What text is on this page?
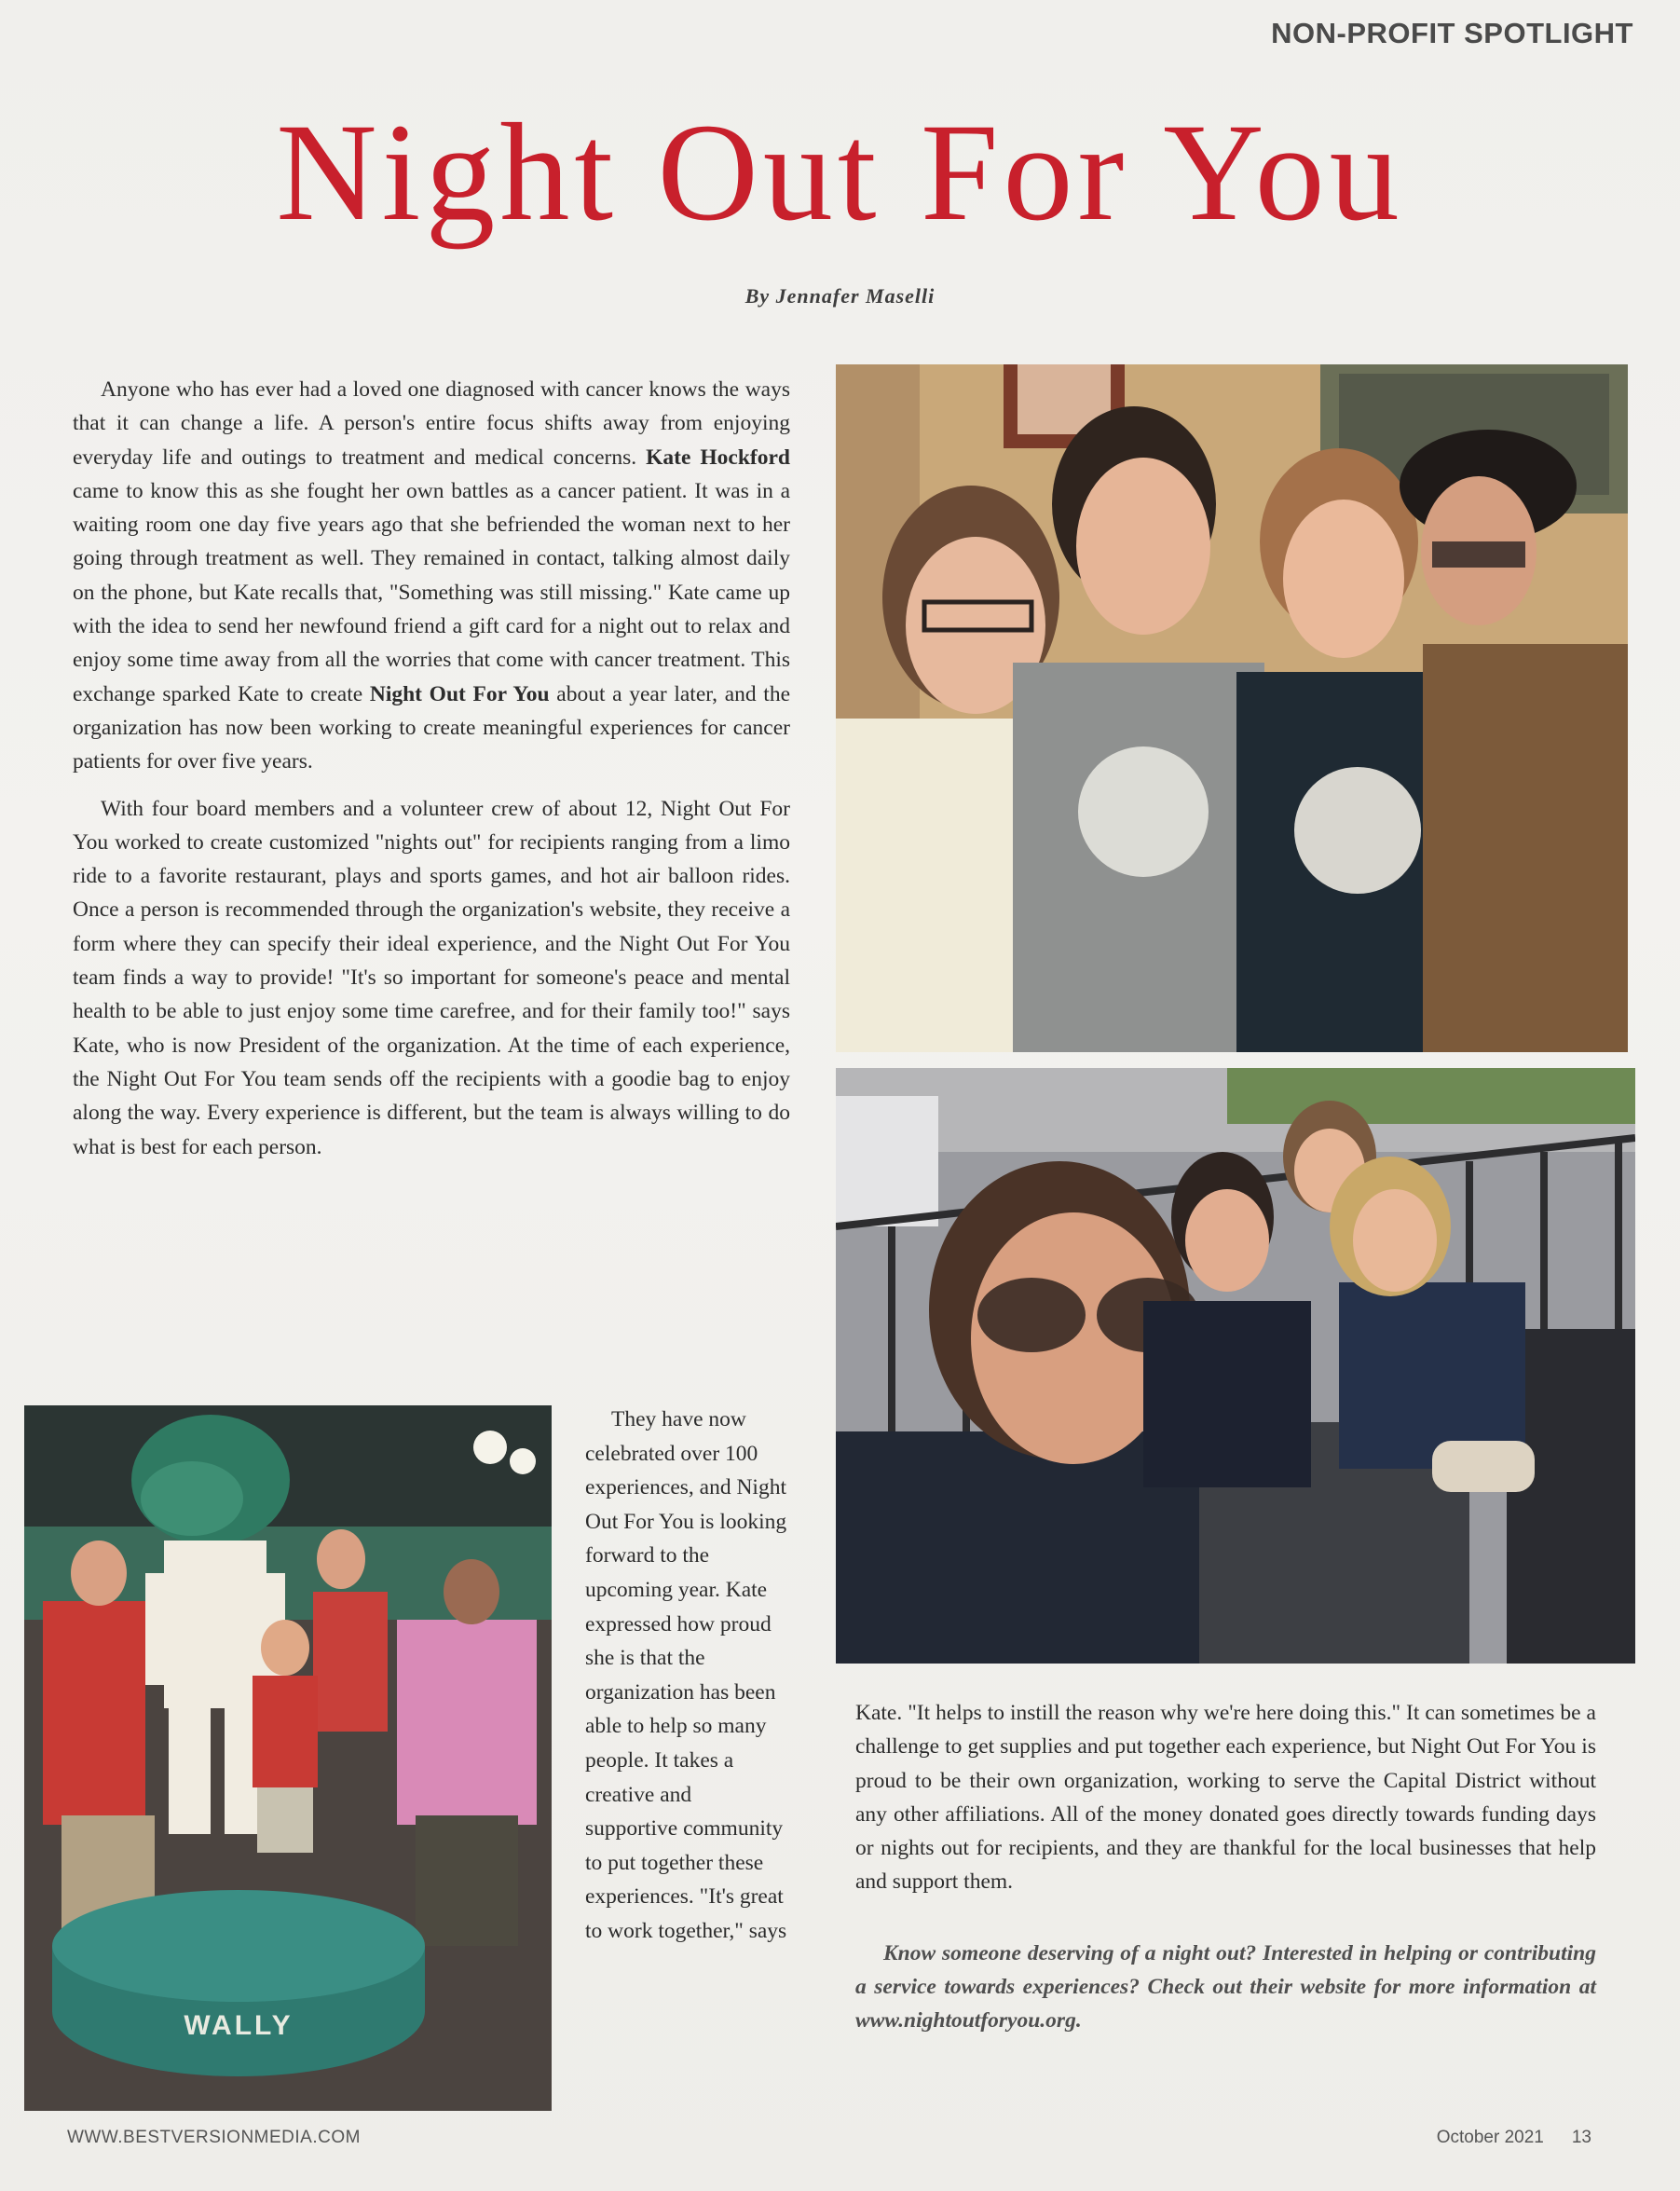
NON-PROFIT SPOTLIGHT
Night Out For You
By Jennafer Maselli

Anyone who has ever had a loved one diagnosed with cancer knows the ways that it can change a life. A person's entire focus shifts away from enjoying everyday life and outings to treatment and medical concerns. Kate Hockford came to know this as she fought her own battles as a cancer patient. It was in a waiting room one day five years ago that she befriended the woman next to her going through treatment as well. They remained in contact, talking almost daily on the phone, but Kate recalls that, "Something was still missing." Kate came up with the idea to send her newfound friend a gift card for a night out to relax and enjoy some time away from all the worries that come with cancer treatment. This exchange sparked Kate to create Night Out For You about a year later, and the organization has now been working to create meaningful experiences for cancer patients for over five years.

With four board members and a volunteer crew of about 12, Night Out For You worked to create customized "nights out" for recipients ranging from a limo ride to a favorite restaurant, plays and sports games, and hot air balloon rides. Once a person is recommended through the organization's website, they receive a form where they can specify their ideal experience, and the Night Out For You team finds a way to provide! "It's so important for someone's peace and mental health to be able to just enjoy some time carefree, and for their family too!" says Kate, who is now President of the organization. At the time of each experience, the Night Out For You team sends off the recipients with a goodie bag to enjoy along the way. Every experience is different, but the team is always willing to do what is best for each person.

They have now celebrated over 100 experiences, and Night Out For You is looking forward to the upcoming year. Kate expressed how proud she is that the organization has been able to help so many people. It takes a creative and supportive community to put together these experiences. "It's great to work together," says

Kate. "It helps to instill the reason why we're here doing this." It can sometimes be a challenge to get supplies and put together each experience, but Night Out For You is proud to be their own organization, working to serve the Capital District without any other affiliations. All of the money donated goes directly towards funding days or nights out for recipients, and they are thankful for the local businesses that help and support them.

Know someone deserving of a night out? Interested in helping or contributing a service towards experiences? Check out their website for more information at www.nightoutforyou.org.

WALLY
WWW.BESTVERSIONMEDIA.COM	October 2021 13
